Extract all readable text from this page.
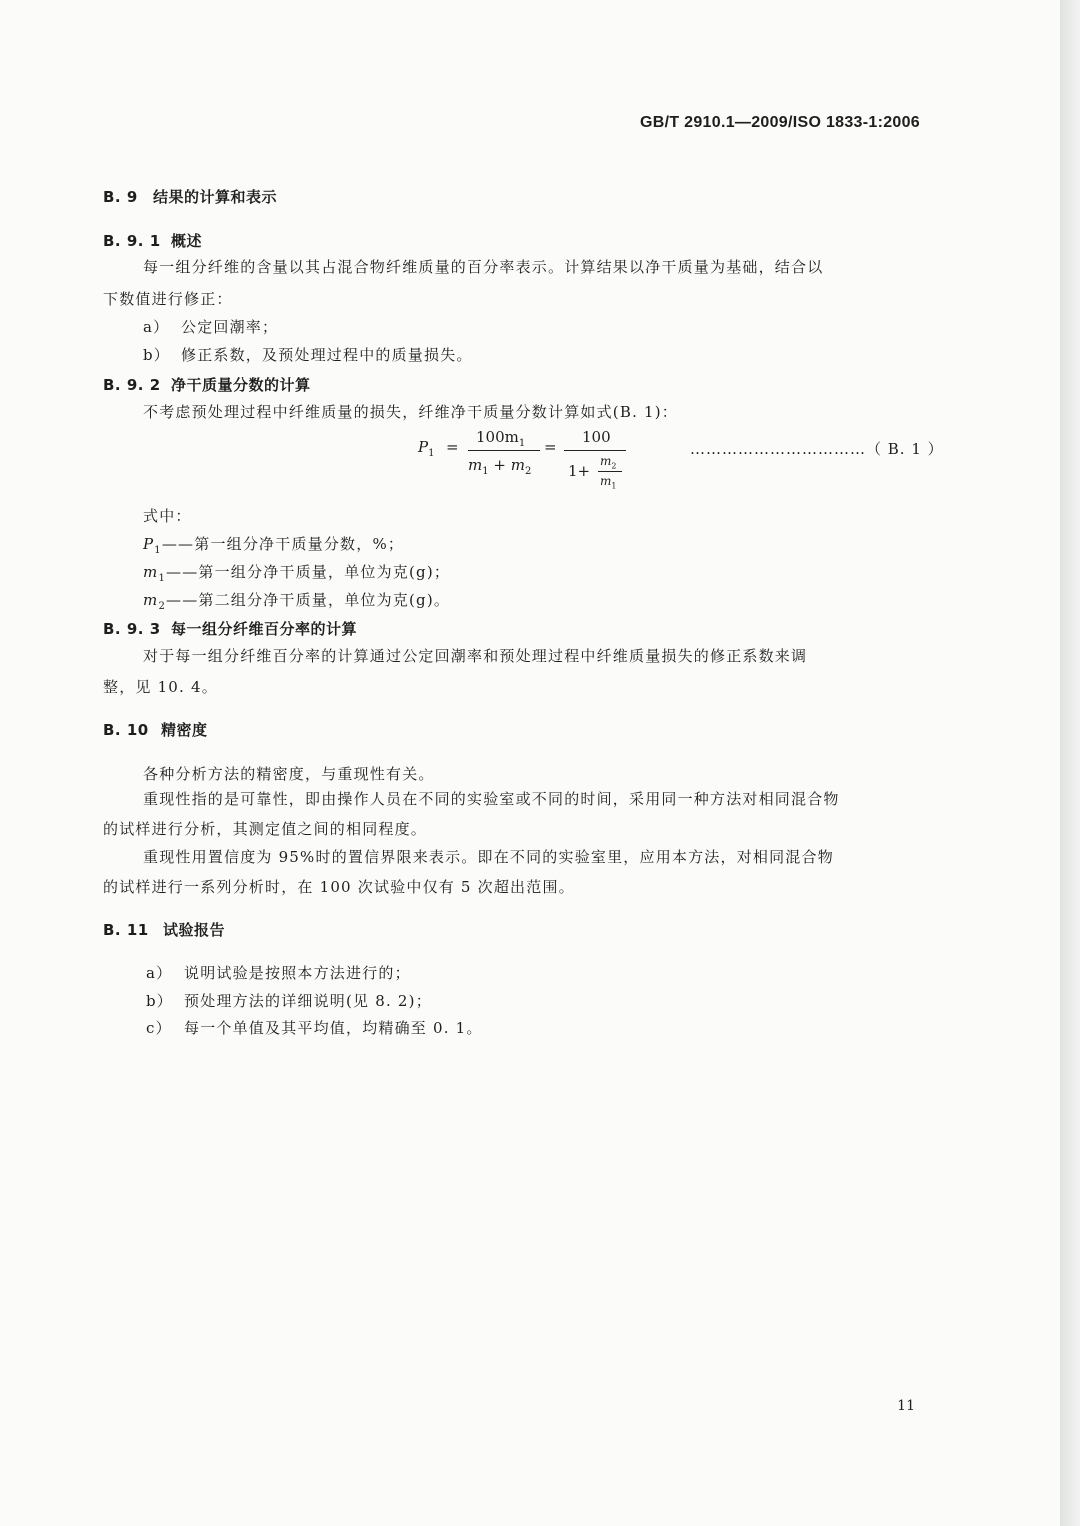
GB/T 2910.1—2009/ISO 1833-1:2006
B. 9 结果的计算和表示
B. 9. 1 概述
每一组分纤维的含量以其占混合物纤维质量的百分率表示。计算结果以净干质量为基础，结合以
下数值进行修正：
a） 公定回潮率；
b） 修正系数，及预处理过程中的质量损失。
B. 9. 2 净干质量分数的计算
不考虑预处理过程中纤维质量的损失，纤维净干质量分数计算如式(B. 1)：
$P_1$ =
$100m_1$
$m_1 + m_2$
=
100
1+
$m_2$
$m_1$
……………………………（ B. 1 ）
式中：
$P_1——$第一组分净干质量分数，%；
$m_1——$第一组分净干质量，单位为克(g)；
$m_2——$第二组分净干质量，单位为克(g)。
B. 9. 3 每一组分纤维百分率的计算
对于每一组分纤维百分率的计算通过公定回潮率和预处理过程中纤维质量损失的修正系数来调
整，见 10. 4。
B. 10 精密度
各种分析方法的精密度，与重现性有关。
重现性指的是可靠性，即由操作人员在不同的实验室或不同的时间，采用同一种方法对相同混合物
的试样进行分析，其测定值之间的相同程度。
重现性用置信度为 95%时的置信界限来表示。即在不同的实验室里，应用本方法，对相同混合物
的试样进行一系列分析时，在 100 次试验中仅有 5 次超出范围。
B. 11 试验报告
a） 说明试验是按照本方法进行的；
b） 预处理方法的详细说明(见 8. 2)；
c） 每一个单值及其平均值，均精确至 0. 1。
11
